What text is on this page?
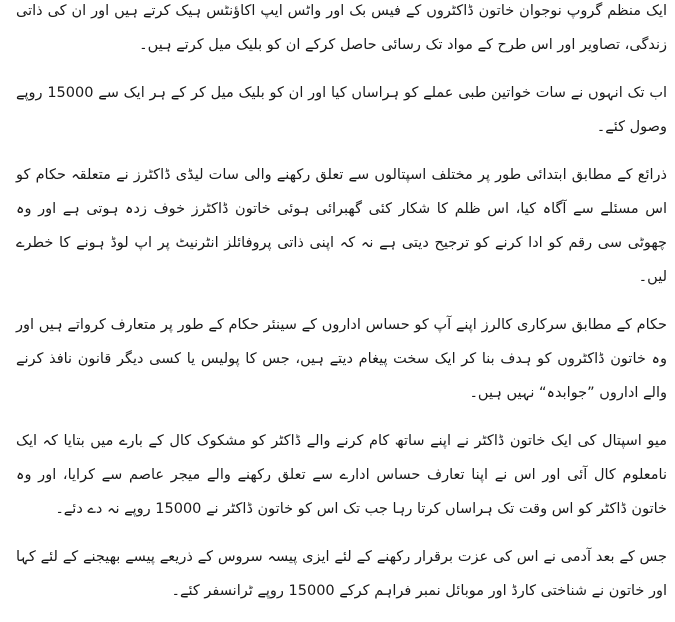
ایک منظم گروپ نوجوان خاتون ڈاکٹروں کے فیس بک اور واٹس ایپ اکاؤنٹس ہیک کرتے ہیں اور ان کی ذاتی زندگی، تصاویر اور اس طرح کے مواد تک رسائی حاصل کرکے ان کو بلیک میل کرتے ہیں۔

اب تک انہوں نے سات خواتین طبی عملے کو ہراساں کیا اور ان کو بلیک میل کر کے ہر ایک سے 15000 روپے وصول کئے۔

ذرائع کے مطابق ابتدائی طور پر مختلف اسپتالوں سے تعلق رکھنے والی سات لیڈی ڈاکٹرز نے متعلقہ حکام کو اس مسئلے سے آگاہ کیا، اس ظلم کا شکار کئی گھبرائی ہوئی خاتون ڈاکٹرز خوف زدہ ہوتی ہے اور وہ چھوٹی سی رقم کو ادا کرنے کو ترجیح دیتی ہے نہ کہ اپنی ذاتی پروفائلز انٹرنیٹ پر اپ لوڈ ہونے کا خطرے لیں۔

حکام کے مطابق سرکاری کالرز اپنے آپ کو حساس اداروں کے سینئر حکام کے طور پر متعارف کرواتے ہیں اور وہ خاتون ڈاکٹروں کو ہدف بنا کر ایک سخت پیغام دیتے ہیں، جس کا پولیس یا کسی دیگر قانون نافذ کرنے والے اداروں ”جوابدہ“ نہیں ہیں۔

میو اسپتال کی ایک خاتون ڈاکٹر نے اپنے ساتھ کام کرنے والے ڈاکٹر کو مشکوک کال کے بارے میں بتایا کہ ایک نامعلوم کال آئی اور اس نے اپنا تعارف حساس ادارے سے تعلق رکھنے والے میجر عاصم سے کرایا، اور وہ خاتون ڈاکٹر کو اس وقت تک ہراساں کرتا رہا جب تک اس کو خاتون ڈاکٹر نے 15000 روپے نہ دے دئے۔

جس کے بعد آدمی نے اس کی عزت برقرار رکھنے کے لئے ایزی پیسہ سروس کے ذریعے پیسے بھیجنے کے لئے کہا اور خاتون نے شناختی کارڈ اور موبائل نمبر فراہم کرکے 15000 روپے ٹرانسفر کئے۔
